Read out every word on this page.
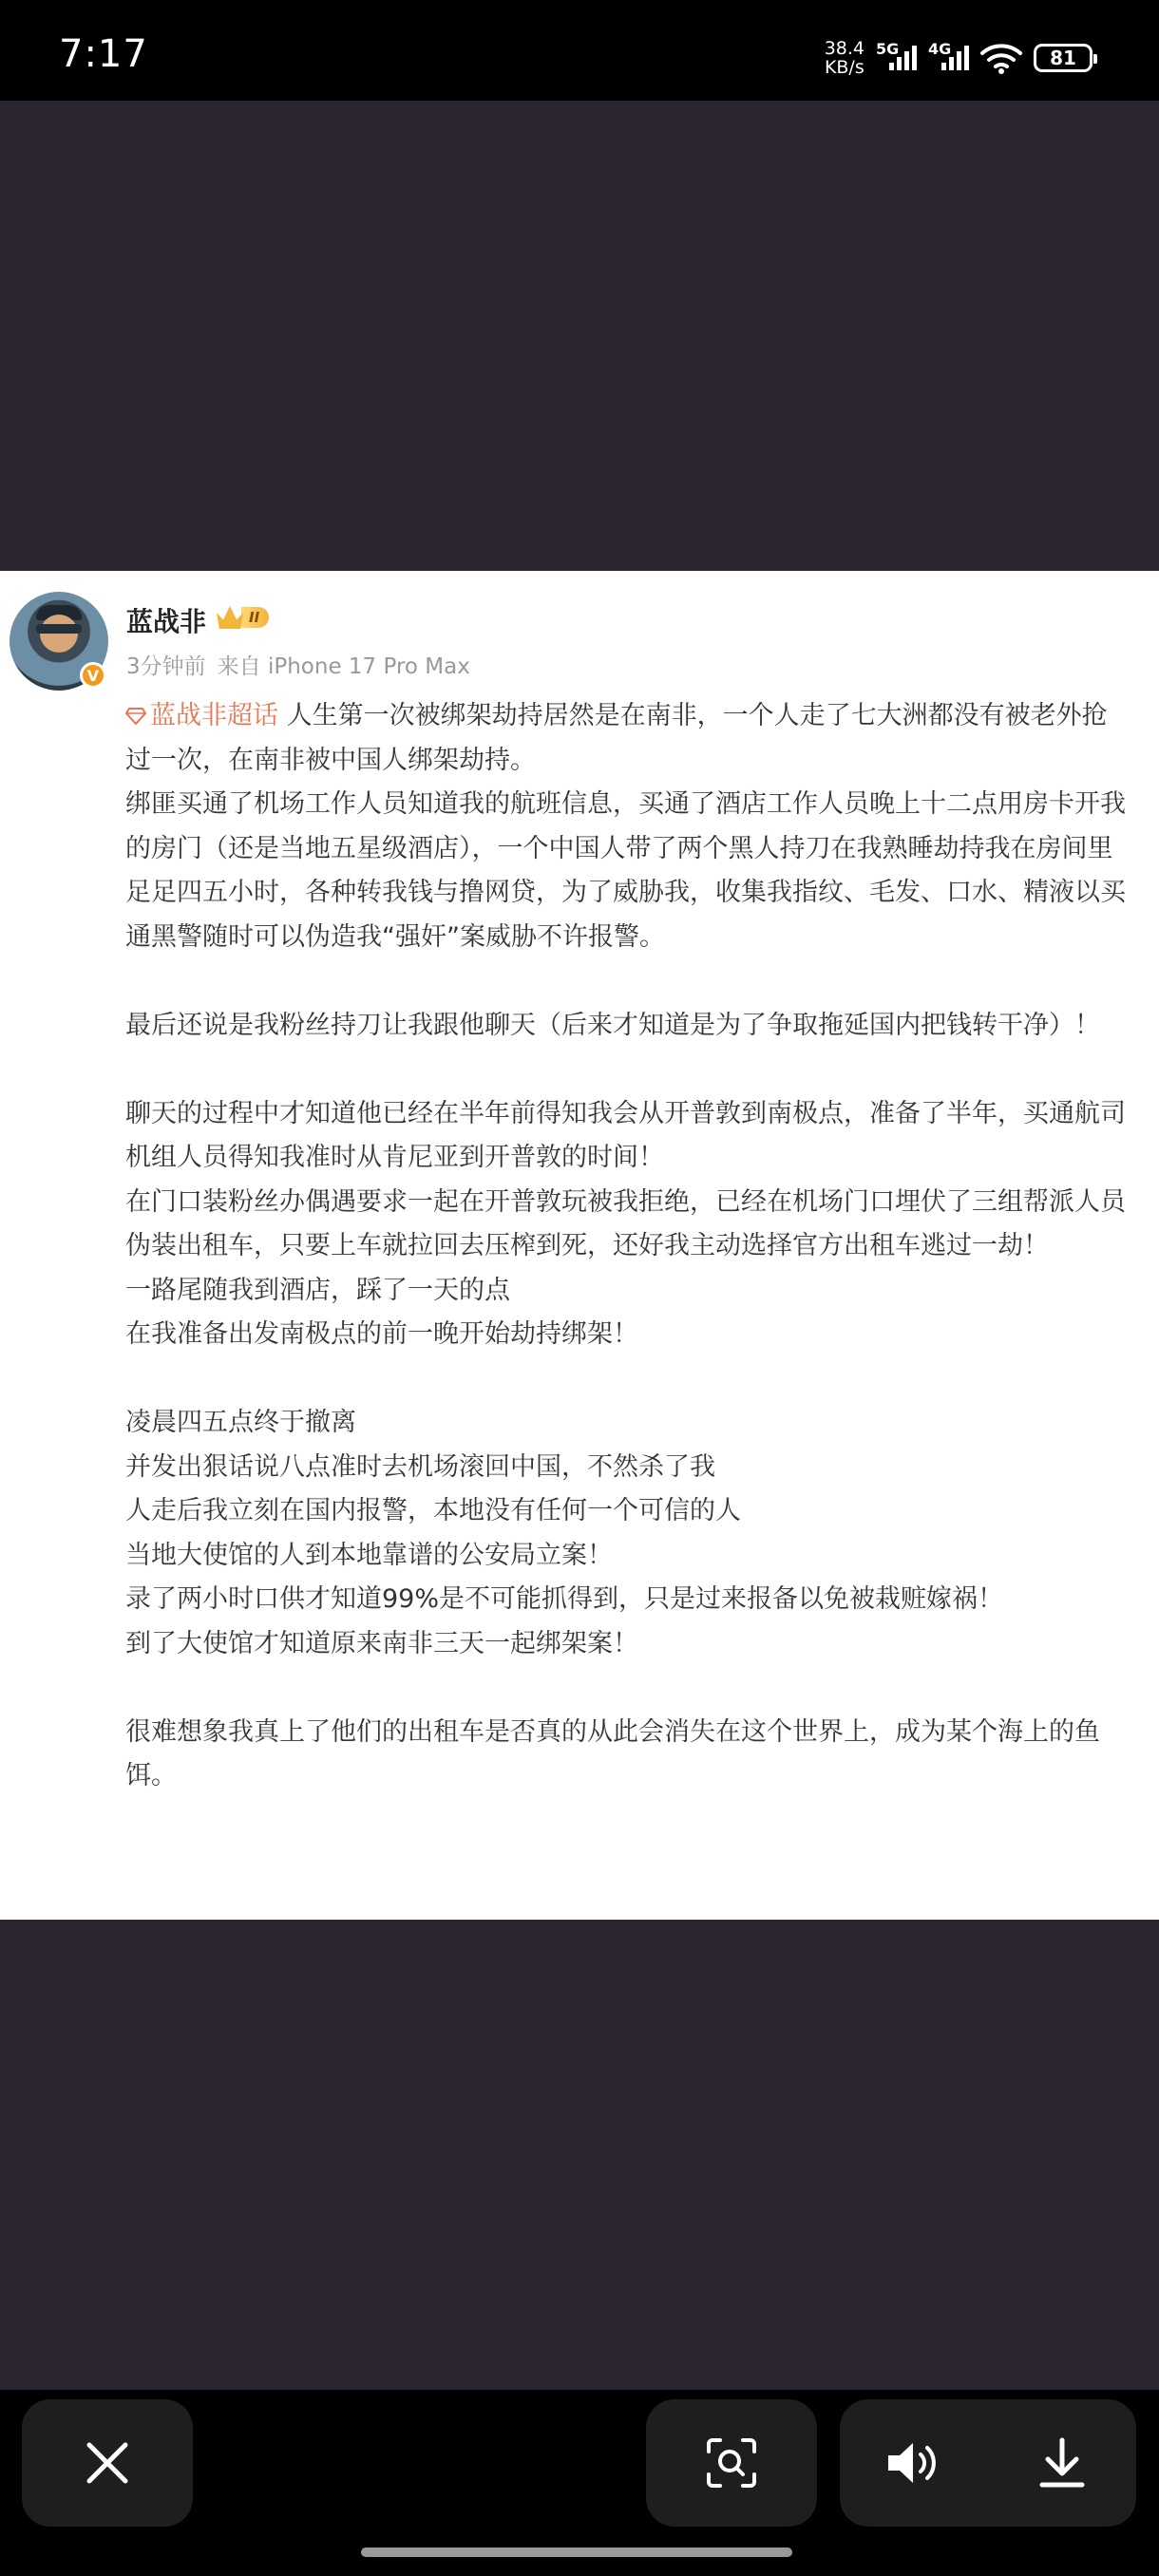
7:17	38.4
KB/s
5G 4G	81
V
蓝战非	II
3分钟前 来自 iPhone 17 Pro Max

蓝战非超话 人生第一次被绑架劫持居然是在南非，一个人走了七大洲都没有被老外抢过一次，在南非被中国人绑架劫持。

绑匪买通了机场工作人员知道我的航班信息，买通了酒店工作人员晚上十二点用房卡开我的房门（还是当地五星级酒店），一个中国人带了两个黑人持刀在我熟睡劫持我在房间里足足四五小时，各种转我钱与撸网贷，为了威胁我，收集我指纹、毛发、口水、精液以买通黑警随时可以伪造我“强奸”案威胁不许报警。

最后还说是我粉丝持刀让我跟他聊天（后来才知道是为了争取拖延国内把钱转干净）！

聊天的过程中才知道他已经在半年前得知我会从开普敦到南极点，准备了半年，买通航司机组人员得知我准时从肯尼亚到开普敦的时间！

在门口装粉丝办偶遇要求一起在开普敦玩被我拒绝，已经在机场门口埋伏了三组帮派人员伪装出租车，只要上车就拉回去压榨到死，还好我主动选择官方出租车逃过一劫！

一路尾随我到酒店，踩了一天的点

在我准备出发南极点的前一晚开始劫持绑架！

凌晨四五点终于撤离

并发出狠话说八点准时去机场滚回中国，不然杀了我

人走后我立刻在国内报警，本地没有任何一个可信的人

当地大使馆的人到本地靠谱的公安局立案！

录了两小时口供才知道99%是不可能抓得到，只是过来报备以免被栽赃嫁祸！

到了大使馆才知道原来南非三天一起绑架案！

很难想象我真上了他们的出租车是否真的从此会消失在这个世界上，成为某个海上的鱼饵。
